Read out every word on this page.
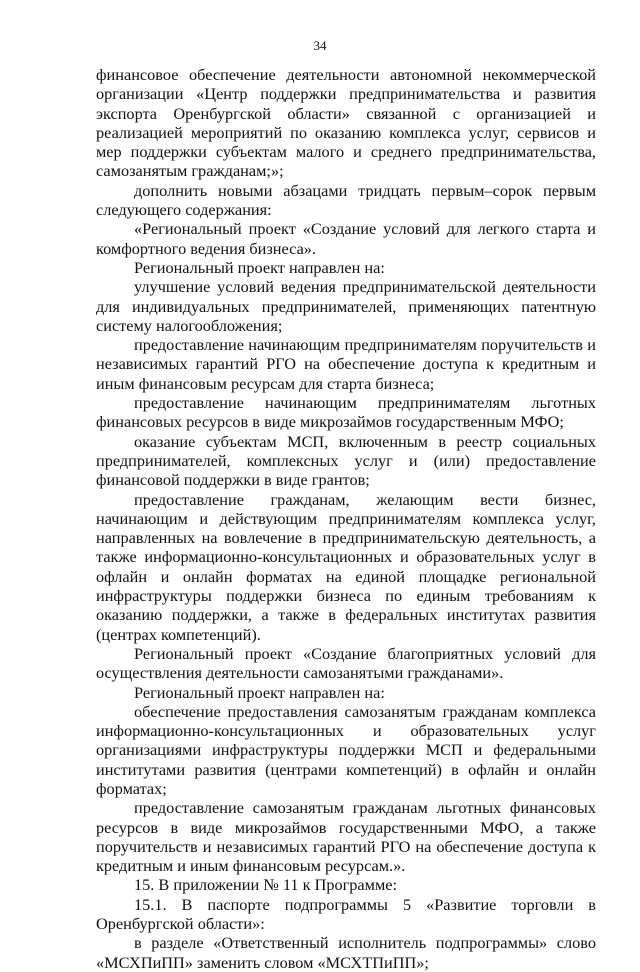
34

финансовое обеспечение деятельности автономной некоммерческой организации «Центр поддержки предпринимательства и развития экспорта Оренбургской области» связанной с организацией и реализацией мероприятий по оказанию комплекса услуг, сервисов и мер поддержки субъектам малого и среднего предпринимательства, самозанятым гражданам;»;

дополнить новыми абзацами тридцать первым–сорок первым следующего содержания:

«Региональный проект «Создание условий для легкого старта и комфортного ведения бизнеса».

Региональный проект направлен на:

улучшение условий ведения предпринимательской деятельности для индивидуальных предпринимателей, применяющих патентную систему налогообложения;

предоставление начинающим предпринимателям поручительств и независимых гарантий РГО на обеспечение доступа к кредитным и иным финансовым ресурсам для старта бизнеса;

предоставление начинающим предпринимателям льготных финансовых ресурсов в виде микрозаймов государственным МФО;

оказание субъектам МСП, включенным в реестр социальных предпринимателей, комплексных услуг и (или) предоставление финансовой поддержки в виде грантов;

предоставление гражданам, желающим вести бизнес, начинающим и действующим предпринимателям комплекса услуг, направленных на вовлечение в предпринимательскую деятельность, а также информационно-консультационных и образовательных услуг в офлайн и онлайн форматах на единой площадке региональной инфраструктуры поддержки бизнеса по единым требованиям к оказанию поддержки, а также в федеральных институтах развития (центрах компетенций).

Региональный проект «Создание благоприятных условий для осуществления деятельности самозанятыми гражданами».

Региональный проект направлен на:

обеспечение предоставления самозанятым гражданам комплекса информационно-консультационных и образовательных услуг организациями инфраструктуры поддержки МСП и федеральными институтами развития (центрами компетенций) в офлайн и онлайн форматах;

предоставление самозанятым гражданам льготных финансовых ресурсов в виде микрозаймов государственными МФО, а также поручительств и независимых гарантий РГО на обеспечение доступа к кредитным и иным финансовым ресурсам.».

15. В приложении № 11 к Программе:

15.1. В паспорте подпрограммы 5 «Развитие торговли в Оренбургской области»:

в разделе «Ответственный исполнитель подпрограммы» слово «МСХПиПП» заменить словом «МСХТПиПП»;
